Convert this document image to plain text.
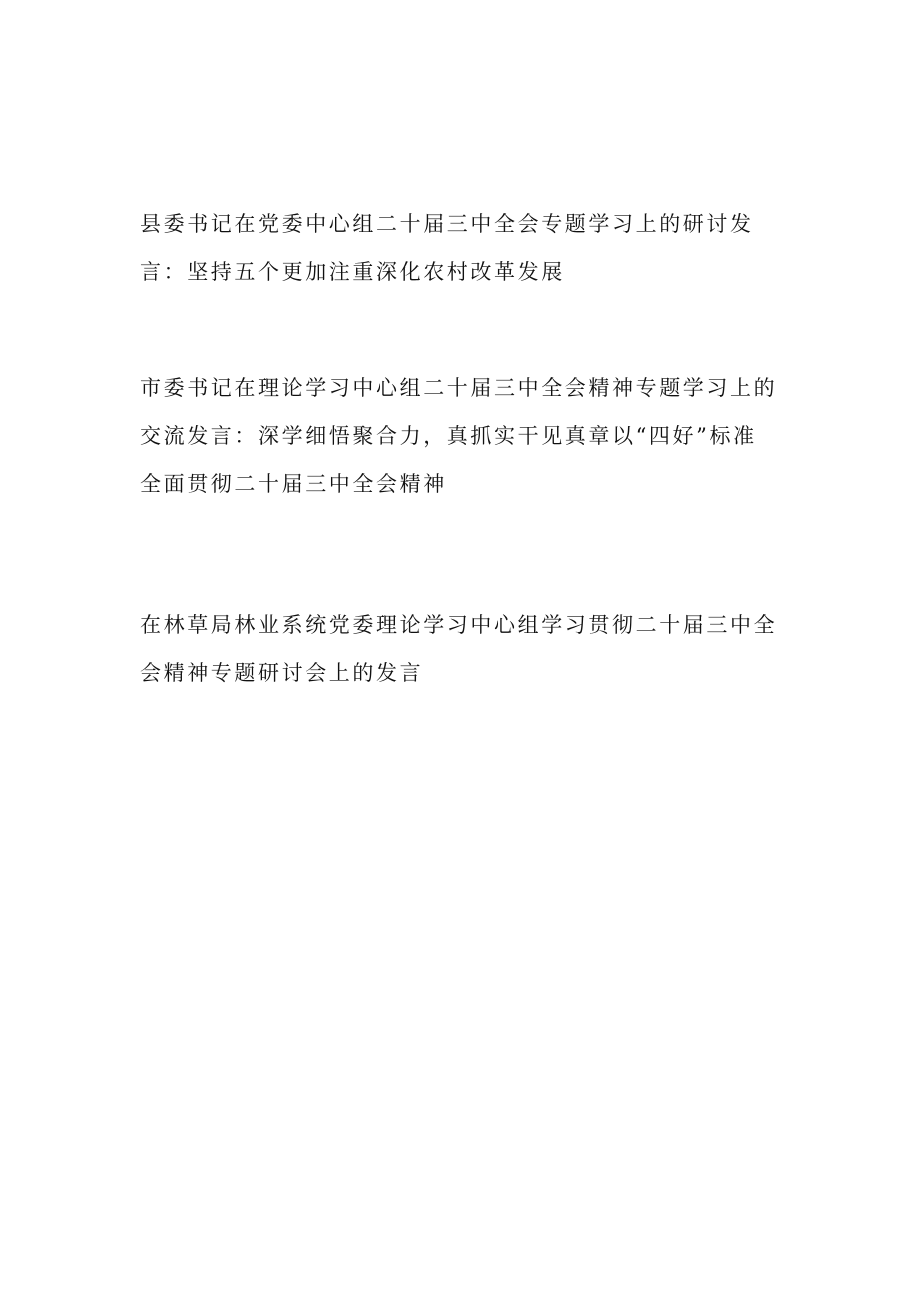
县委书记在党委中心组二十届三中全会专题学习上的研讨发
言：坚持五个更加注重深化农村改革发展

市委书记在理论学习中心组二十届三中全会精神专题学习上的
交流发言：深学细悟聚合力，真抓实干见真章以“四好”标准
全面贯彻二十届三中全会精神

在林草局林业系统党委理论学习中心组学习贯彻二十届三中全
会精神专题研讨会上的发言
